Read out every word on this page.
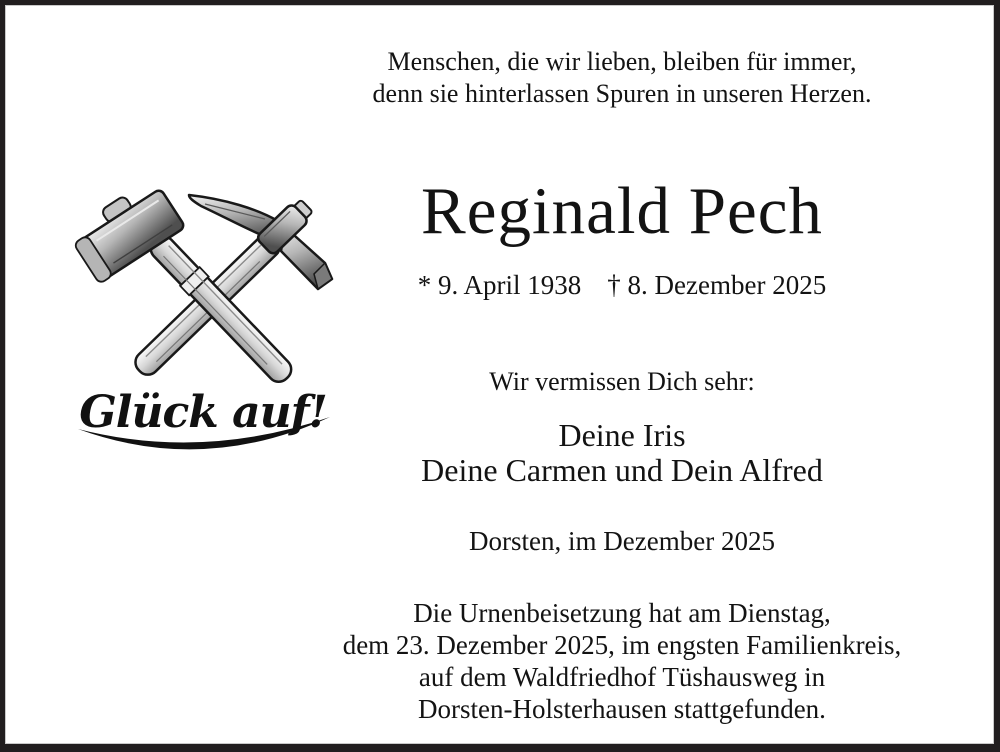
Menschen, die wir lieben, bleiben für immer,
denn sie hinterlassen Spuren in unseren Herzen.
Glück auf!
Reginald Pech
* 9. April 1938 † 8. Dezember 2025
Wir vermissen Dich sehr:
Deine Iris
Deine Carmen und Dein Alfred
Dorsten, im Dezember 2025
Die Urnenbeisetzung hat am Dienstag,
dem 23. Dezember 2025, im engsten Familienkreis,
auf dem Waldfriedhof Tüshausweg in
Dorsten-Holsterhausen stattgefunden.
